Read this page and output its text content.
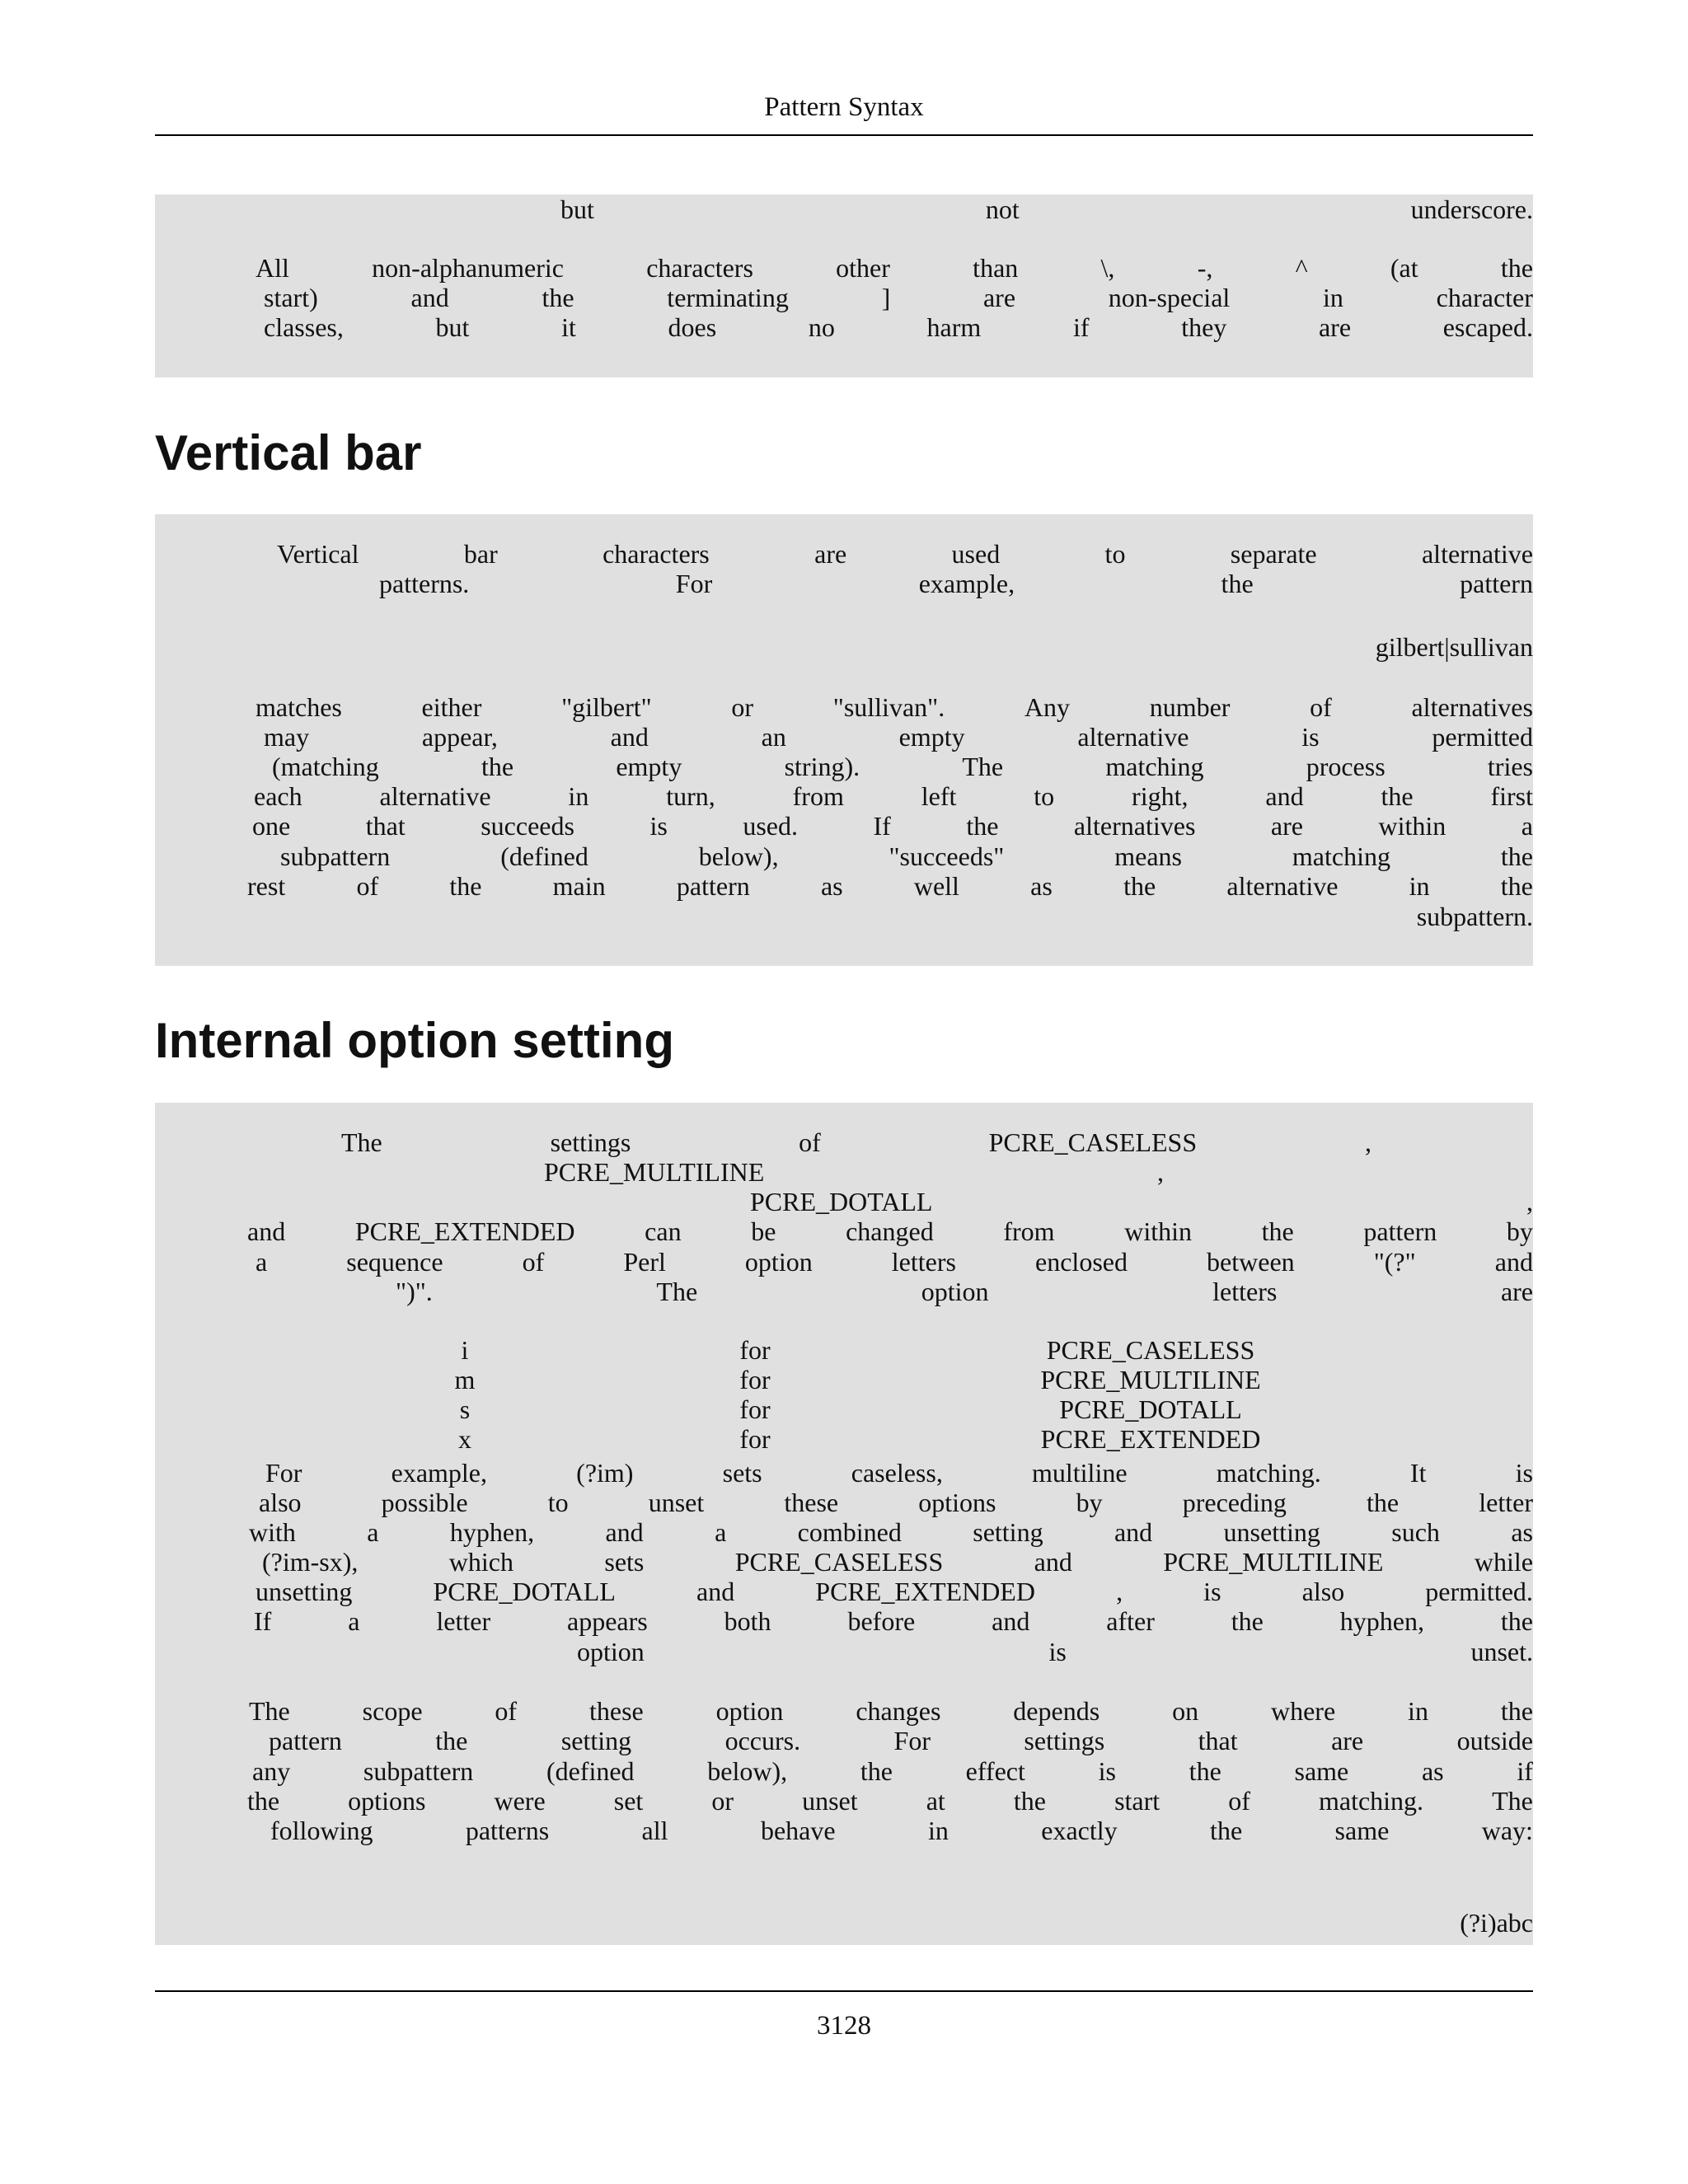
Pattern Syntax
but	not	underscore.
All	non-alphanumeric	characters	other	than	\,	-,	^	(at	the
start)	and	the	terminating	]	are	non-special	in	character
classes,	but	it	does	no	harm	if	they	are	escaped.
Vertical bar
gilbert|sullivan
subpattern.
Vertical	bar	characters	are	used	to	separate	alternative
patterns.	For	example,	the	pattern
matches	either	"gilbert"	or	"sullivan".	Any	number	of	alternatives
may	appear,	and	an	empty	alternative	is	permitted
(matching	the	empty	string).	The	matching	process	tries
each	alternative	in	turn,	from	left	to	right,	and	the	first
one	that	succeeds	is	used.	If	the	alternatives	are	within	a
subpattern	(defined	below),	"succeeds"	means	matching	the
rest	of	the	main	pattern	as	well	as	the	alternative	in	the
Internal option setting
(?i)abc
The	settings	of	PCRE_CASELESS	,
PCRE_MULTILINE	,
PCRE_DOTALL	,
and	PCRE_EXTENDED	can	be	changed	from	within	the	pattern	by
a	sequence	of	Perl	option	letters	enclosed	between	"(?"	and
")".	The	option	letters	are
i	for	PCRE_CASELESS
m	for	PCRE_MULTILINE
s	for	PCRE_DOTALL
x	for	PCRE_EXTENDED
For	example,	(?im)	sets	caseless,	multiline	matching.	It	is
also	possible	to	unset	these	options	by	preceding	the	letter
with	a	hyphen,	and	a	combined	setting	and	unsetting	such	as
(?im-sx),	which	sets	PCRE_CASELESS	and	PCRE_MULTILINE	while
unsetting	PCRE_DOTALL	and	PCRE_EXTENDED	,	is	also	permitted.
If	a	letter	appears	both	before	and	after	the	hyphen,	the
option	is	unset.
The	scope	of	these	option	changes	depends	on	where	in	the
pattern	the	setting	occurs.	For	settings	that	are	outside
any	subpattern	(defined	below),	the	effect	is	the	same	as	if
the	options	were	set	or	unset	at	the	start	of	matching.	The
following	patterns	all	behave	in	exactly	the	same	way:
3128
